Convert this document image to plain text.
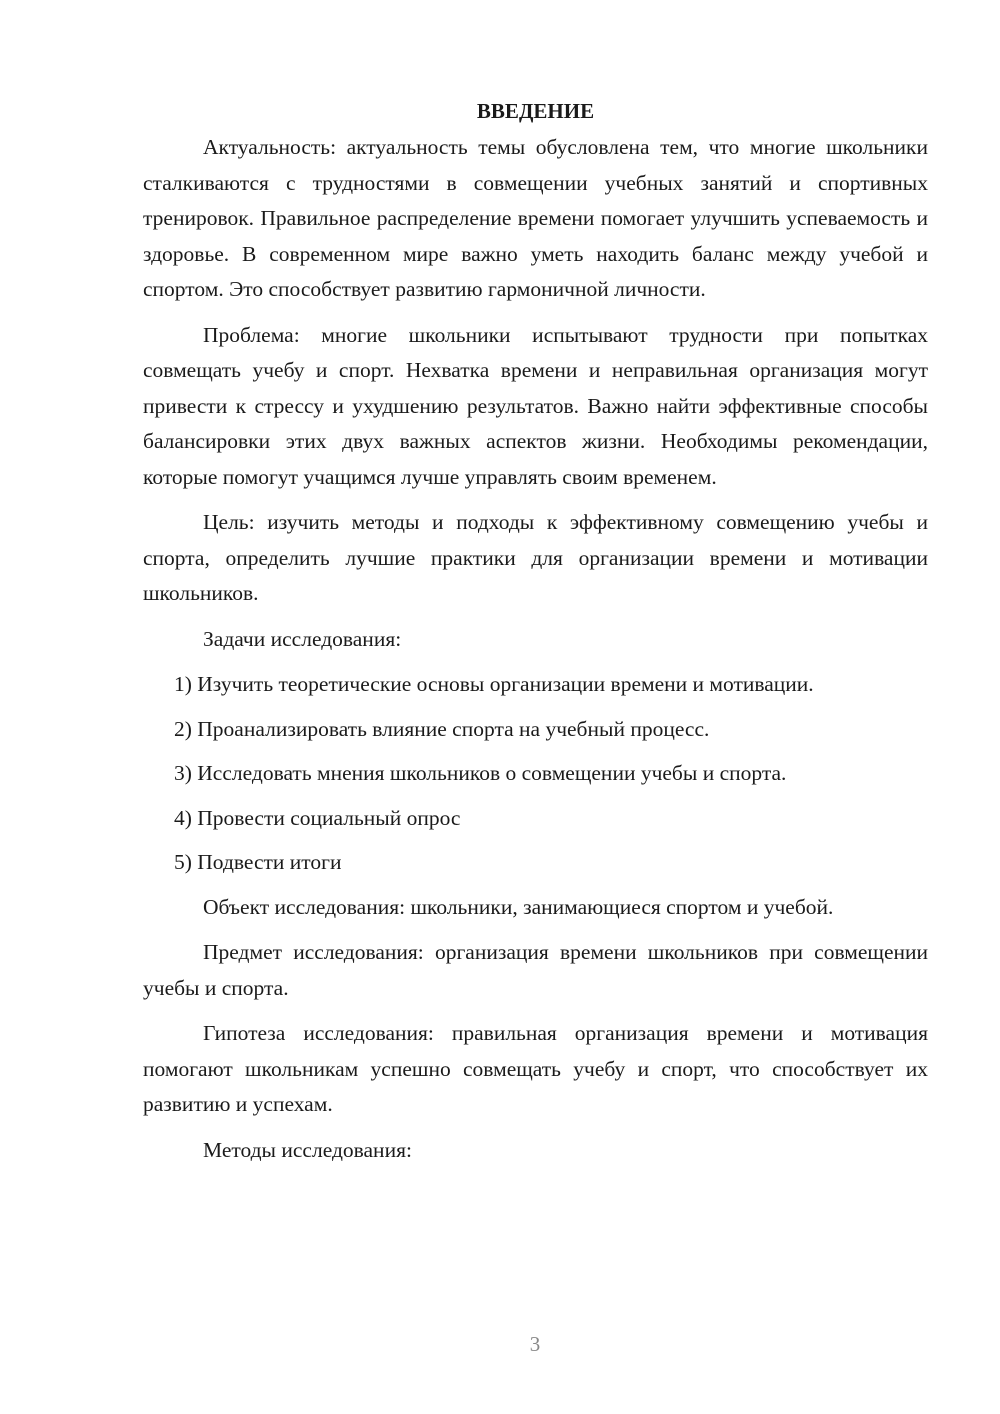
ВВЕДЕНИЕ

Актуальность: актуальность темы обусловлена тем, что многие школьники сталкиваются с трудностями в совмещении учебных занятий и спортивных тренировок. Правильное распределение времени помогает улучшить успеваемость и здоровье. В современном мире важно уметь находить баланс между учебой и спортом. Это способствует развитию гармоничной личности.

Проблема: многие школьники испытывают трудности при попытках совмещать учебу и спорт. Нехватка времени и неправильная организация могут привести к стрессу и ухудшению результатов. Важно найти эффективные способы балансировки этих двух важных аспектов жизни. Необходимы рекомендации, которые помогут учащимся лучше управлять своим временем.

Цель: изучить методы и подходы к эффективному совмещению учебы и спорта, определить лучшие практики для организации времени и мотивации школьников.

Задачи исследования:

1) Изучить теоретические основы организации времени и мотивации.

2) Проанализировать влияние спорта на учебный процесс.

3) Исследовать мнения школьников о совмещении учебы и спорта.

4) Провести социальный опрос

5) Подвести итоги

Объект исследования: школьники, занимающиеся спортом и учебой.

Предмет исследования: организация времени школьников при совмещении учебы и спорта.

Гипотеза исследования: правильная организация времени и мотивация помогают школьникам успешно совмещать учебу и спорт, что способствует их развитию и успехам.

Методы исследования:

3
